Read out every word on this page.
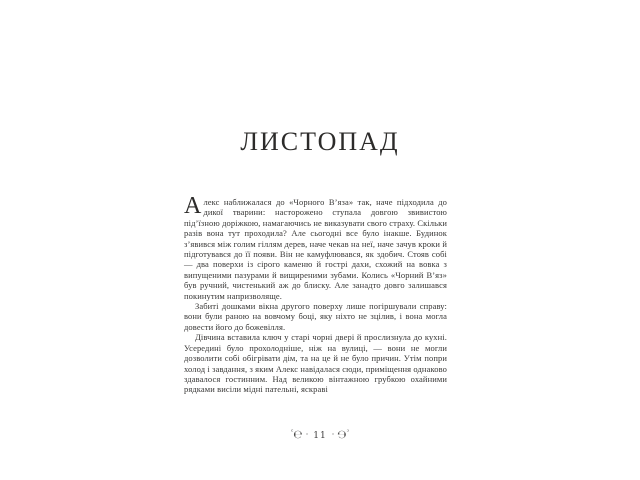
ЛИСТОПАД

Алекс наближалася до «Чорного В’яза» так, наче підходила до дикої тварини: насторожено ступала довгою звивистою під’їзною доріжкою, намагаючись не виказувати свого страху. Скільки разів вона тут проходила? Але сьогодні все було інакше. Будинок з’явився між голим гіллям дерев, наче чекав на неї, наче зачув кроки й підготувався до її появи. Він не камуфлювався, як здобич. Стояв собі — два поверхи із сірого каменю й гострі дахи, схожий на вовка з випущеними пазурами й вищиреними зубами. Колись «Чорний В’яз» був ручний, чистенький аж до блиску. Але занадто довго залишався покинутим напризволяще.

Забиті дошками вікна другого поверху лише погіршували справу: вони були раною на вовчому боці, яку ніхто не зцілив, і вона могла довести його до божевілля.

Дівчина вставила ключ у старі чорні двері й прослизнула до кухні. Усередині було прохолодніше, ніж на вулиці, — вони не могли дозволити собі обігрівати дім, та на це й не було причин. Утім попри холод і завдання, з яким Алекс навідалася сюди, приміщення однаково здавалося гостинним. Над великою вінтажною грубкою охайними рядками висіли мідні пательні, яскраві

ᶜ℮ · 11 · ℮ᵓ
